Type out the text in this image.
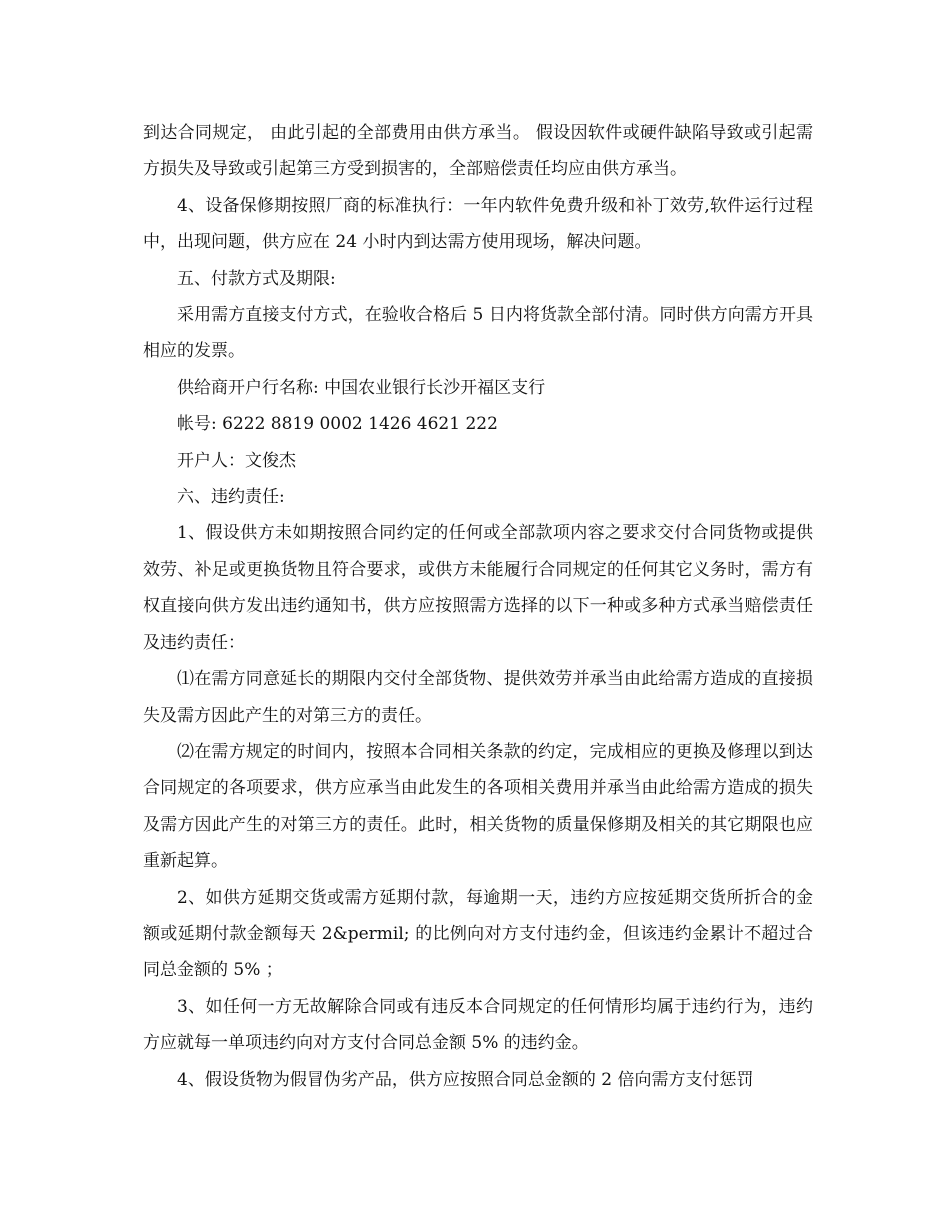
到达合同规定， 由此引起的全部费用由供方承当。 假设因软件或硬件缺陷导致或引起需方损失及导致或引起第三方受到损害的，全部赔偿责任均应由供方承当。

4、设备保修期按照厂商的标准执行：一年内软件免费升级和补丁效劳,软件运行过程中，出现问题，供方应在 24 小时内到达需方使用现场，解决问题。

五、付款方式及期限:

采用需方直接支付方式，在验收合格后 5 日内将货款全部付清。同时供方向需方开具相应的发票。

供给商开户行名称: 中国农业银行长沙开福区支行

帐号: 6222 8819 0002 1426 4621 222

开户人：文俊杰

六、违约责任:

1、假设供方未如期按照合同约定的任何或全部款项内容之要求交付合同货物或提供效劳、补足或更换货物且符合要求，或供方未能履行合同规定的任何其它义务时，需方有权直接向供方发出违约通知书，供方应按照需方选择的以下一种或多种方式承当赔偿责任及违约责任：

⑴在需方同意延长的期限内交付全部货物、提供效劳并承当由此给需方造成的直接损失及需方因此产生的对第三方的责任。

⑵在需方规定的时间内，按照本合同相关条款的约定，完成相应的更换及修理以到达合同规定的各项要求，供方应承当由此发生的各项相关费用并承当由此给需方造成的损失及需方因此产生的对第三方的责任。此时，相关货物的质量保修期及相关的其它期限也应重新起算。

2、如供方延期交货或需方延期付款，每逾期一天，违约方应按延期交货所折合的金额或延期付款金额每天 2&permil; 的比例向对方支付违约金，但该违约金累计不超过合同总金额的 5% ；

3、如任何一方无故解除合同或有违反本合同规定的任何情形均属于违约行为，违约方应就每一单项违约向对方支付合同总金额 5% 的违约金。

4、假设货物为假冒伪劣产品，供方应按照合同总金额的 2 倍向需方支付惩罚
